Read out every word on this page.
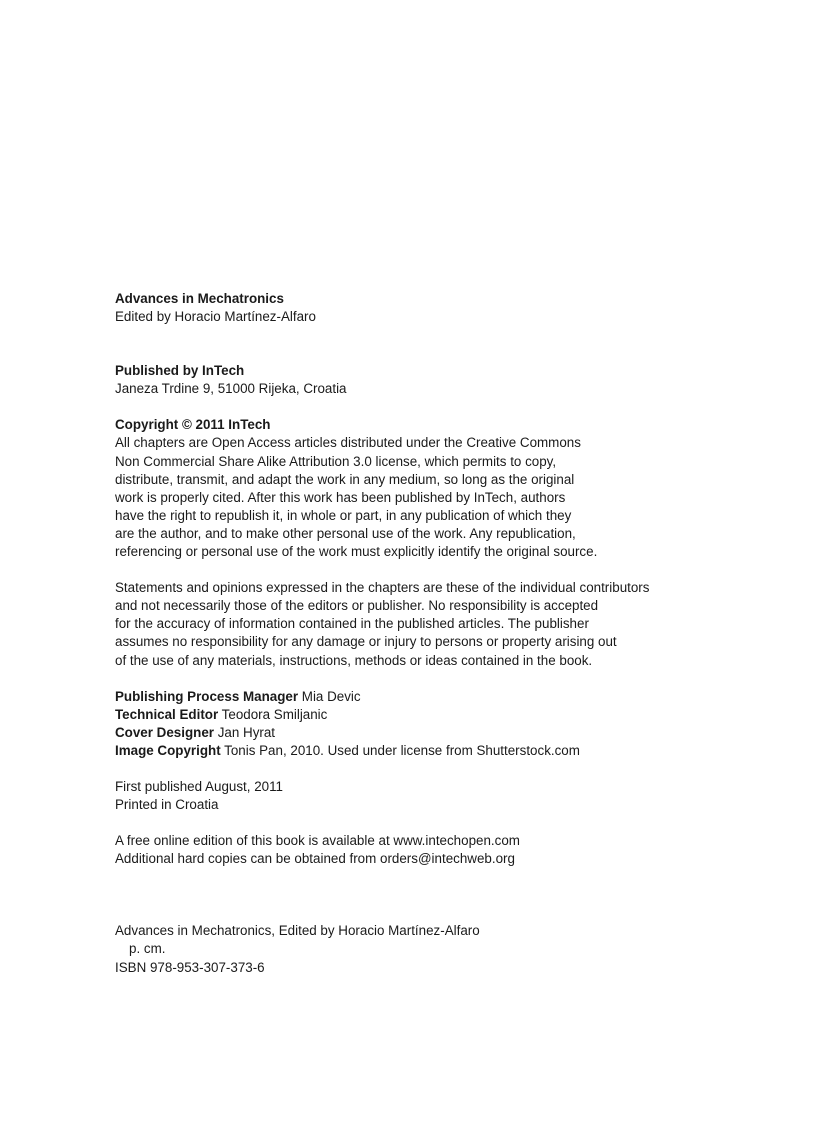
Advances in Mechatronics
Edited by Horacio Martínez-Alfaro
Published by InTech
Janeza Trdine 9, 51000 Rijeka, Croatia
Copyright © 2011 InTech
All chapters are Open Access articles distributed under the Creative Commons
Non Commercial Share Alike Attribution 3.0 license, which permits to copy,
distribute, transmit, and adapt the work in any medium, so long as the original
work is properly cited. After this work has been published by InTech, authors
have the right to republish it, in whole or part, in any publication of which they
are the author, and to make other personal use of the work. Any republication,
referencing or personal use of the work must explicitly identify the original source.
Statements and opinions expressed in the chapters are these of the individual contributors
and not necessarily those of the editors or publisher. No responsibility is accepted
for the accuracy of information contained in the published articles. The publisher
assumes no responsibility for any damage or injury to persons or property arising out
of the use of any materials, instructions, methods or ideas contained in the book.
Publishing Process Manager Mia Devic
Technical Editor Teodora Smiljanic
Cover Designer Jan Hyrat
Image Copyright Tonis Pan, 2010. Used under license from Shutterstock.com
First published August, 2011
Printed in Croatia
A free online edition of this book is available at www.intechopen.com
Additional hard copies can be obtained from orders@intechweb.org
Advances in Mechatronics, Edited by Horacio Martínez-Alfaro
p. cm.
ISBN 978-953-307-373-6
